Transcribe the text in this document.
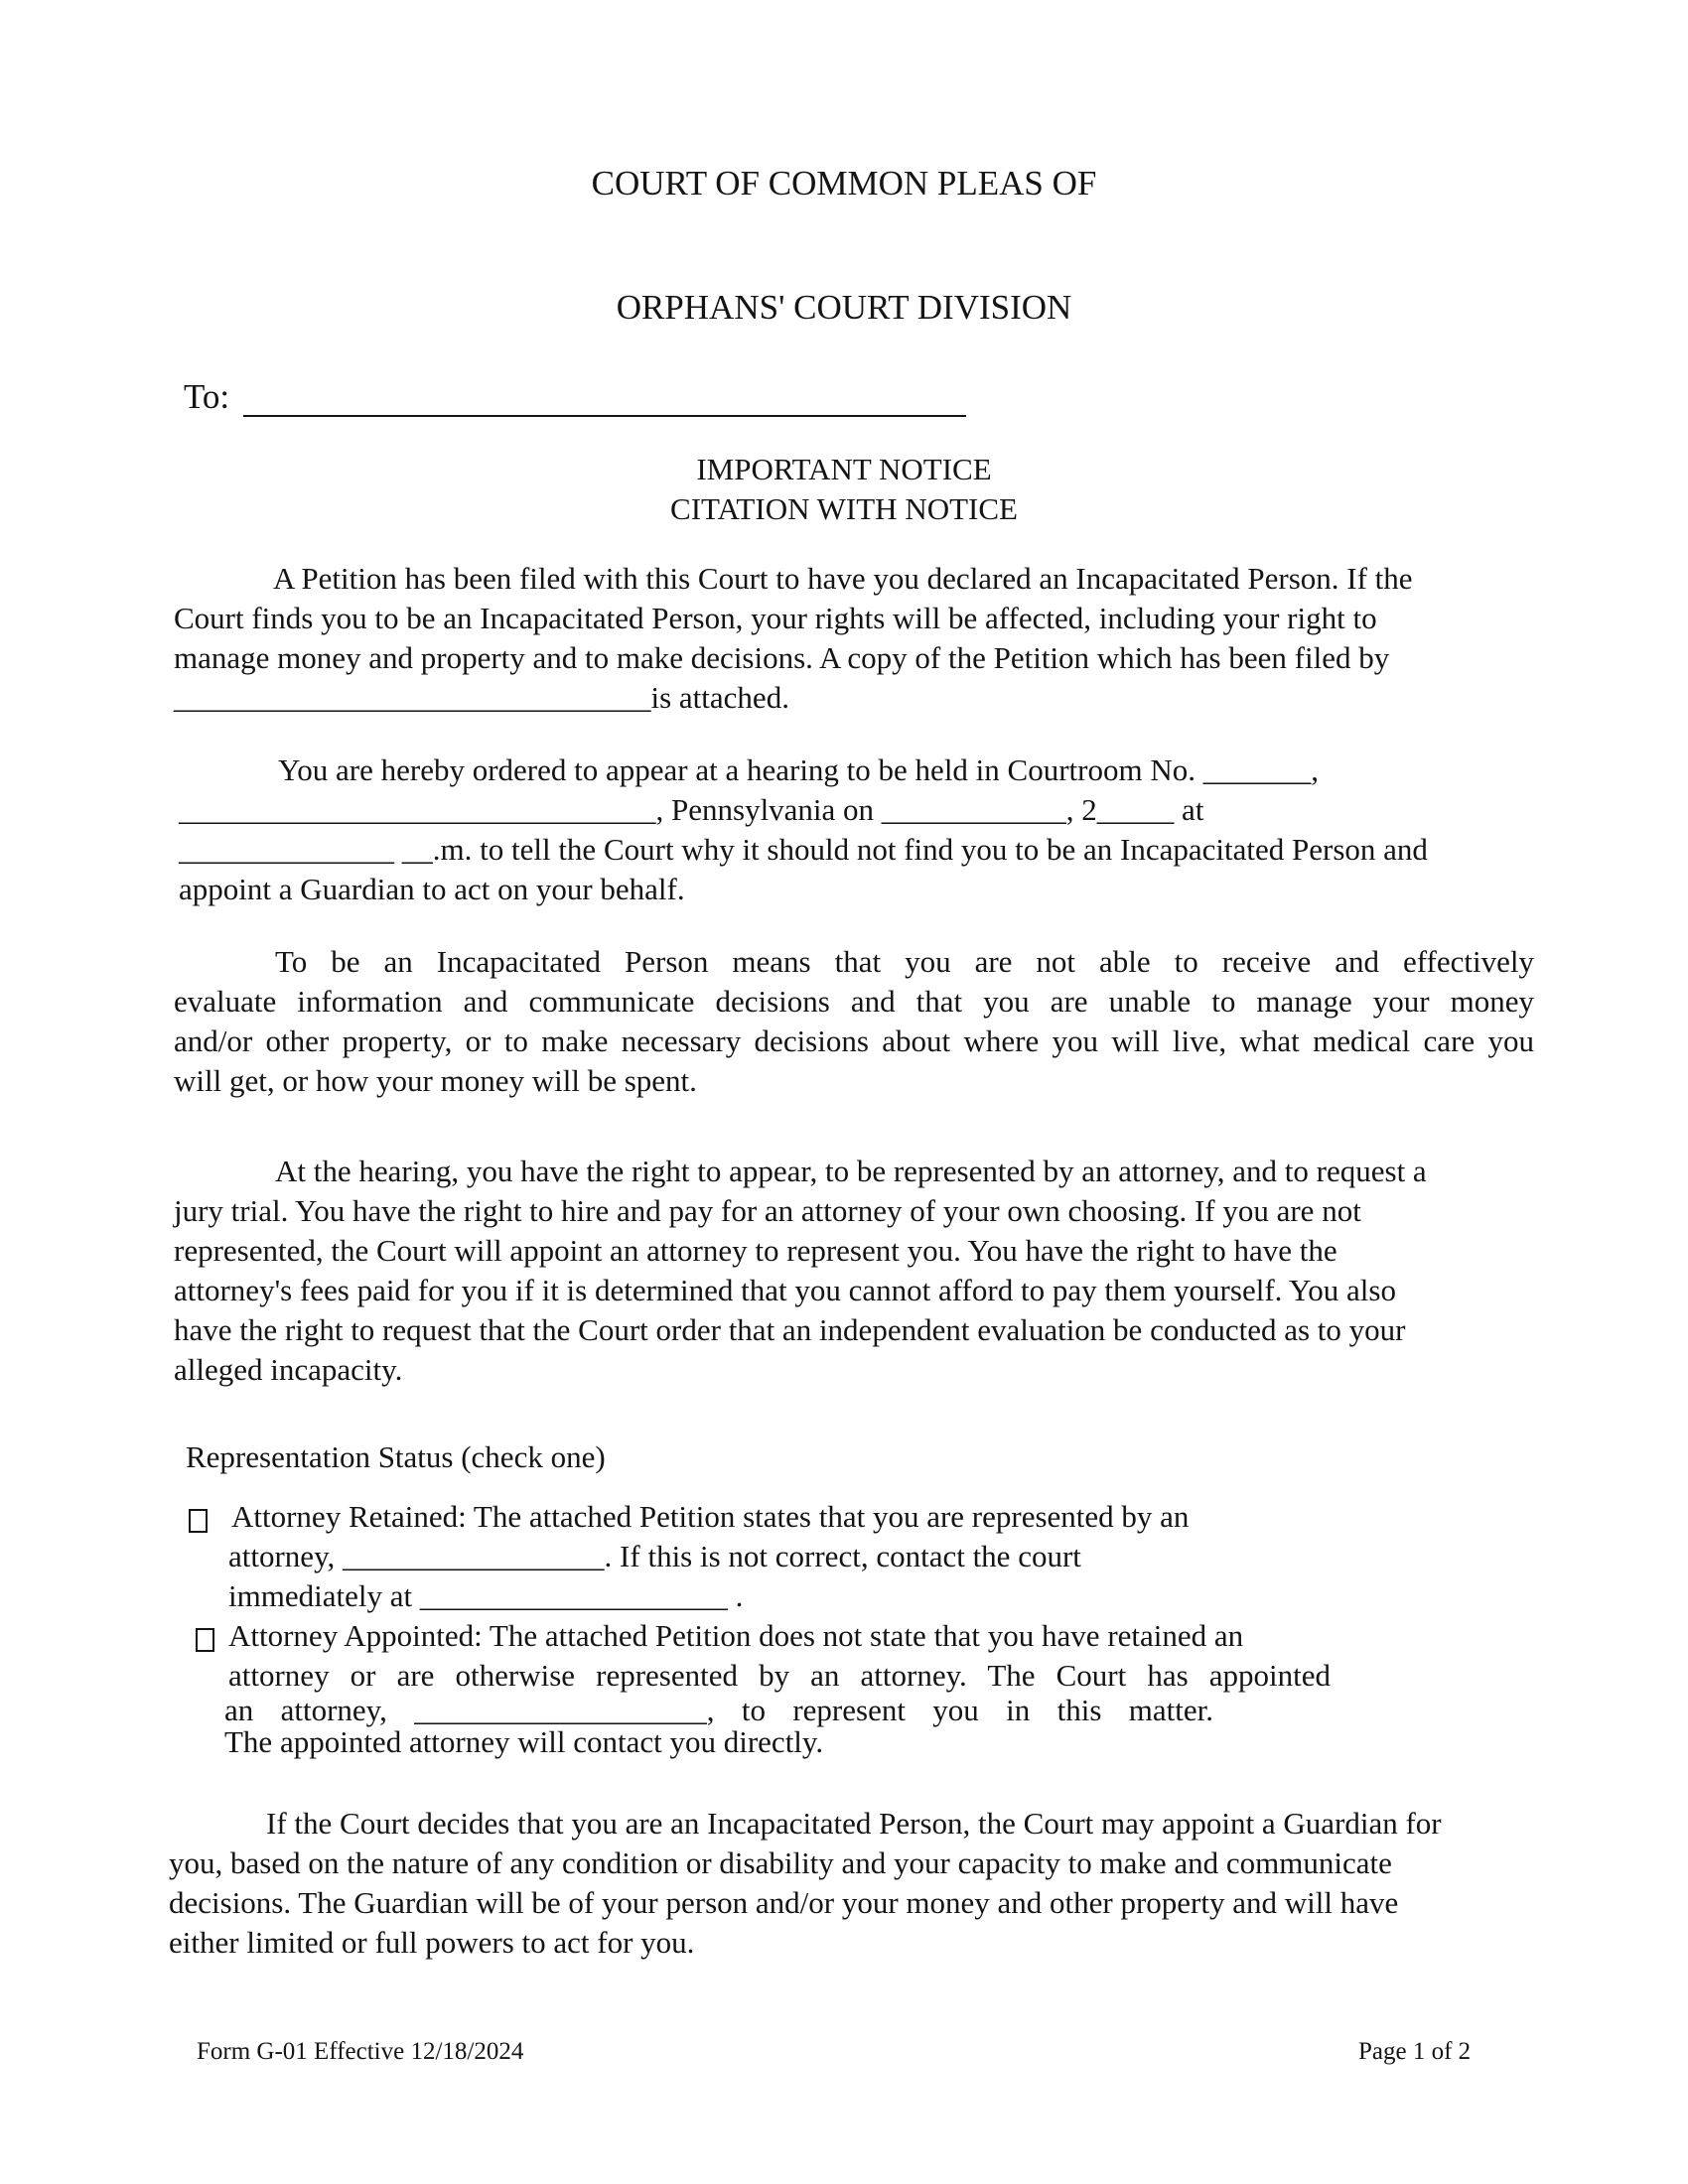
COURT OF COMMON PLEAS OF
ORPHANS' COURT DIVISION
To:
IMPORTANT NOTICE
CITATION WITH NOTICE
A Petition has been filed with this Court to have you declared an Incapacitated Person. If the
Court finds you to be an Incapacitated Person, your rights will be affected, including your right to
manage money and property and to make decisions. A copy of the Petition which has been filed by
_______________________________is attached.
You are hereby ordered to appear at a hearing to be held in Courtroom No. _______,
_______________________________, Pennsylvania on ____________, 2_____ at
______________ __.m. to tell the Court why it should not find you to be an Incapacitated Person and
appoint a Guardian to act on your behalf.
To be an Incapacitated Person means that you are not able to receive and effectively
evaluate information and communicate decisions and that you are unable to manage your money
and/or other property, or to make necessary decisions about where you will live, what medical care you
will get, or how your money will be spent.
At the hearing, you have the right to appear, to be represented by an attorney, and to request a
jury trial. You have the right to hire and pay for an attorney of your own choosing. If you are not
represented, the Court will appoint an attorney to represent you. You have the right to have the
attorney's fees paid for you if it is determined that you cannot afford to pay them yourself. You also
have the right to request that the Court order that an independent evaluation be conducted as to your
alleged incapacity.
Representation Status (check one)
Attorney Retained: The attached Petition states that you are represented by an
attorney, _________________. If this is not correct, contact the court
immediately at ____________________ .
Attorney Appointed: The attached Petition does not state that you have retained an
attorney or are otherwise represented by an attorney. The Court has appointed
an attorney, ___________________, to represent you in this matter.
The appointed attorney will contact you directly.
If the Court decides that you are an Incapacitated Person, the Court may appoint a Guardian for
you, based on the nature of any condition or disability and your capacity to make and communicate
decisions. The Guardian will be of your person and/or your money and other property and will have
either limited or full powers to act for you.
Form G-01 Effective 12/18/2024	Page 1 of 2
